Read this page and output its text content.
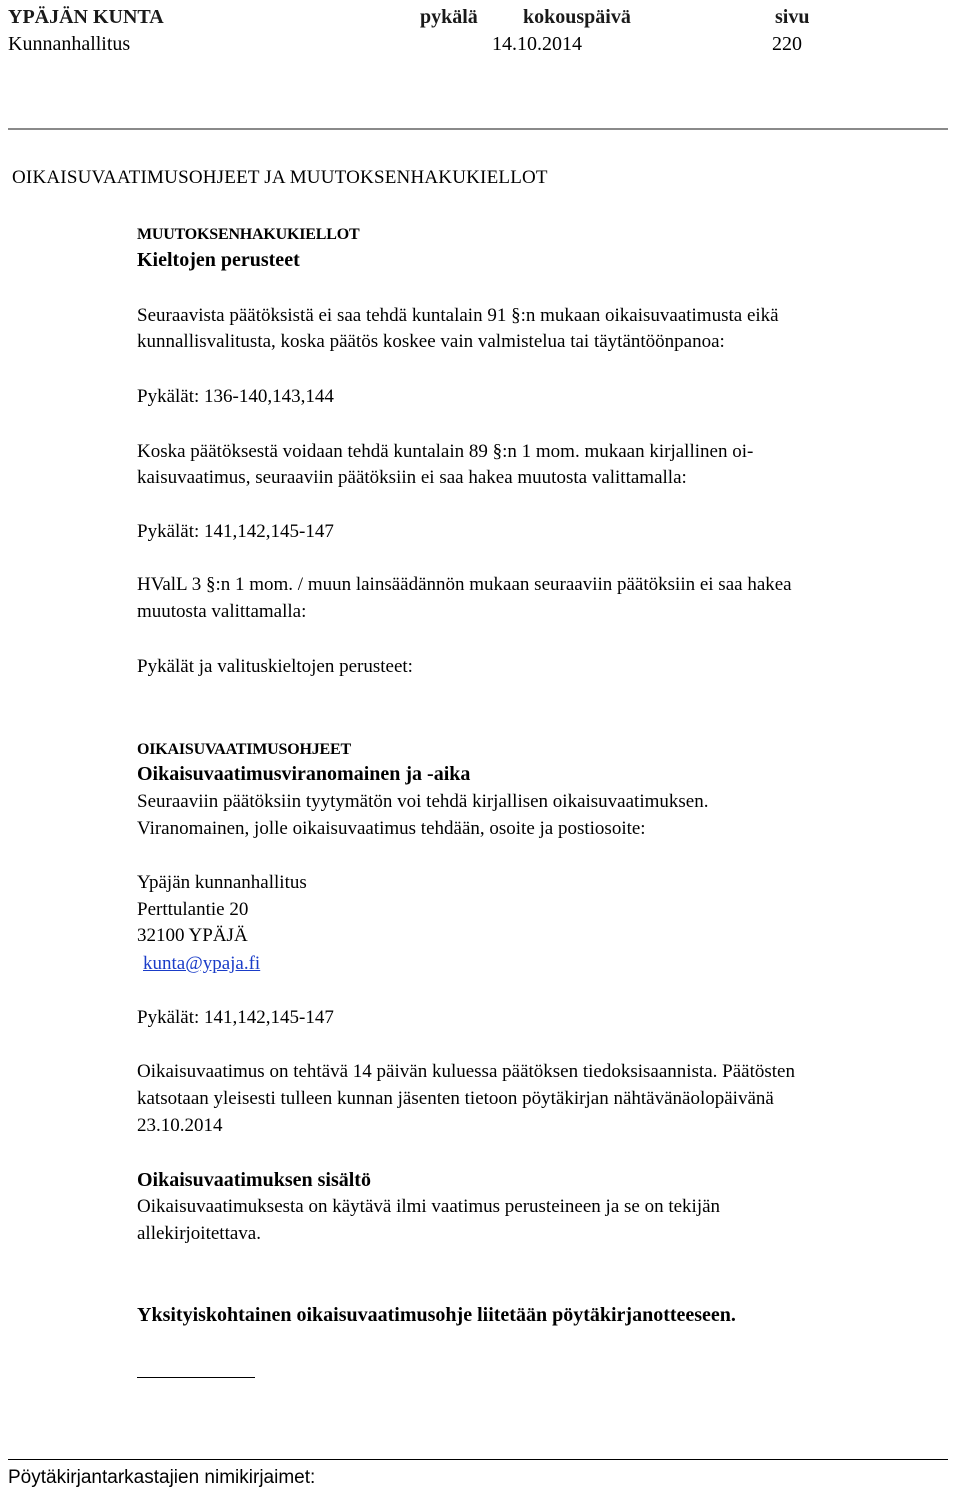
YPÄJÄN KUNTA	pykälä kokouspäivä	sivu
Kunnanhallitus	14.10.2014	220
OIKAISUVAATIMUSOHJEET JA MUUTOKSENHAKUKIELLOT
MUUTOKSENHAKUKIELLOT
Kieltojen perusteet
Seuraavista päätöksistä ei saa tehdä kuntalain 91 §:n mukaan oikaisuvaatimusta eikä
kunnallisvalitusta, koska päätös koskee vain valmistelua tai täytäntöönpanoa:
Pykälät: 136-140,143,144
Koska päätöksestä voidaan tehdä kuntalain 89 §:n 1 mom. mukaan kirjallinen oi-
kaisuvaatimus, seuraaviin päätöksiin ei saa hakea muutosta valittamalla:
Pykälät: 141,142,145-147
HValL 3 §:n 1 mom. / muun lainsäädännön mukaan seuraaviin päätöksiin ei saa hakea
muutosta valittamalla:
Pykälät ja valituskieltojen perusteet:
OIKAISUVAATIMUSOHJEET
Oikaisuvaatimusviranomainen ja -aika
Seuraaviin päätöksiin tyytymätön voi tehdä kirjallisen oikaisuvaatimuksen.
Viranomainen, jolle oikaisuvaatimus tehdään, osoite ja postiosoite:
Ypäjän kunnanhallitus
Perttulantie 20
32100 YPÄJÄ
kunta@ypaja.fi
Pykälät: 141,142,145-147
Oikaisuvaatimus on tehtävä 14 päivän kuluessa päätöksen tiedoksisaannista. Päätösten
katsotaan yleisesti tulleen kunnan jäsenten tietoon pöytäkirjan nähtävänäolopäivänä
23.10.2014
Oikaisuvaatimuksen sisältö
Oikaisuvaatimuksesta on käytävä ilmi vaatimus perusteineen ja se on tekijän
allekirjoitettava.
Yksityiskohtainen oikaisuvaatimusohje liitetään pöytäkirjanotteeseen.
Pöytäkirjantarkastajien nimikirjaimet:
